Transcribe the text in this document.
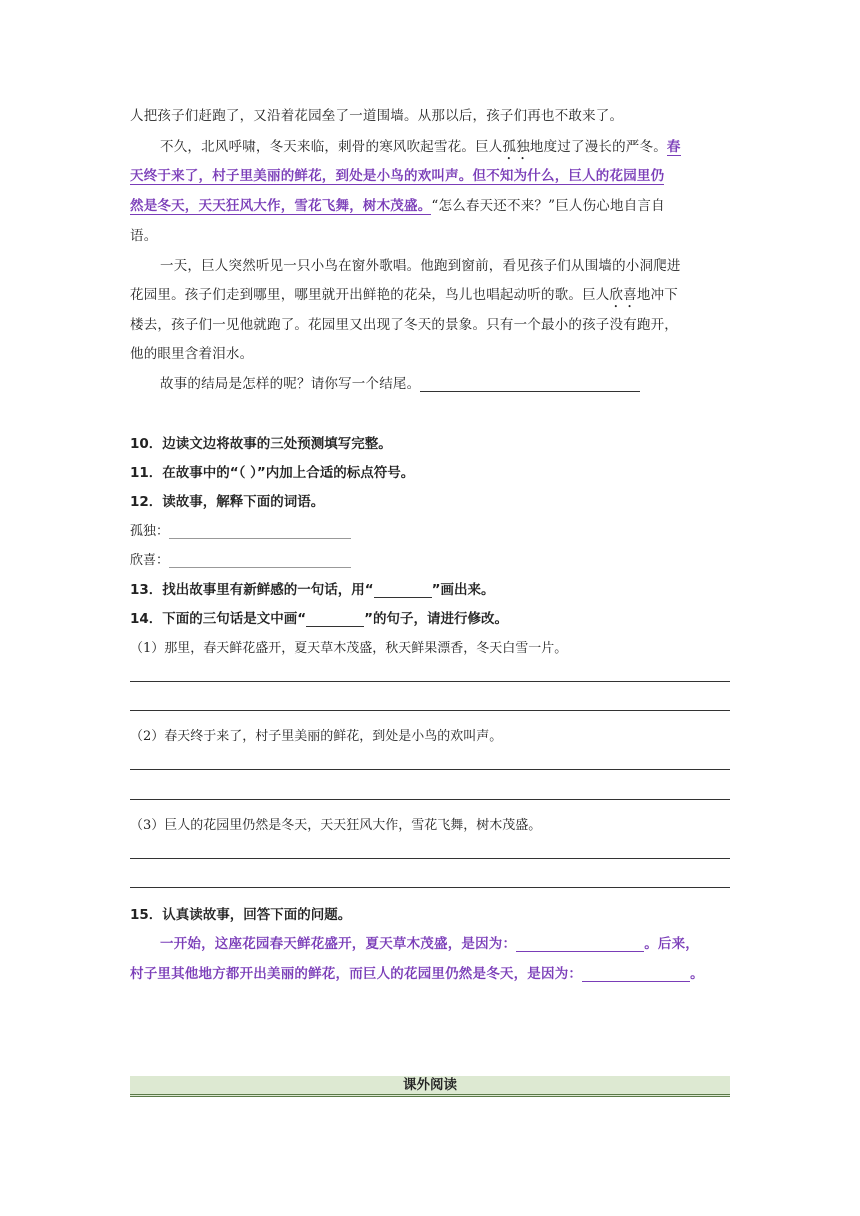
人把孩子们赶跑了，又沿着花园垒了一道围墙。从那以后，孩子们再也不敢来了。
不久，北风呼啸，冬天来临，刺骨的寒风吹起雪花。巨人孤独地度过了漫长的严冬。春
天终于来了，村子里美丽的鲜花，到处是小鸟的欢叫声。但不知为什么，巨人的花园里仍
然是冬天，天天狂风大作，雪花飞舞，树木茂盛。“怎么春天还不来？”巨人伤心地自言自
语。
一天，巨人突然听见一只小鸟在窗外歌唱。他跑到窗前，看见孩子们从围墙的小洞爬进
花园里。孩子们走到哪里，哪里就开出鲜艳的花朵，鸟儿也唱起动听的歌。巨人欣喜地冲下
楼去，孩子们一见他就跑了。花园里又出现了冬天的景象。只有一个最小的孩子没有跑开，
他的眼里含着泪水。
故事的结局是怎样的呢？请你写一个结尾。
10．边读文边将故事的三处预测填写完整。
11．在故事中的“（ ）”内加上合适的标点符号。
12．读故事，解释下面的词语。
孤独：
欣喜：
13．找出故事里有新鲜感的一句话，用“	”画出来。
14．下面的三句话是文中画“	”的句子，请进行修改。
（1）那里，春天鲜花盛开，夏天草木茂盛，秋天鲜果漂香，冬天白雪一片。
（2）春天终于来了，村子里美丽的鲜花，到处是小鸟的欢叫声。
（3）巨人的花园里仍然是冬天，天天狂风大作，雪花飞舞，树木茂盛。
15．认真读故事，回答下面的问题。
一开始，这座花园春天鲜花盛开，夏天草木茂盛，是因为：	。后来，
村子里其他地方都开出美丽的鲜花，而巨人的花园里仍然是冬天，是因为：	。
课外阅读
